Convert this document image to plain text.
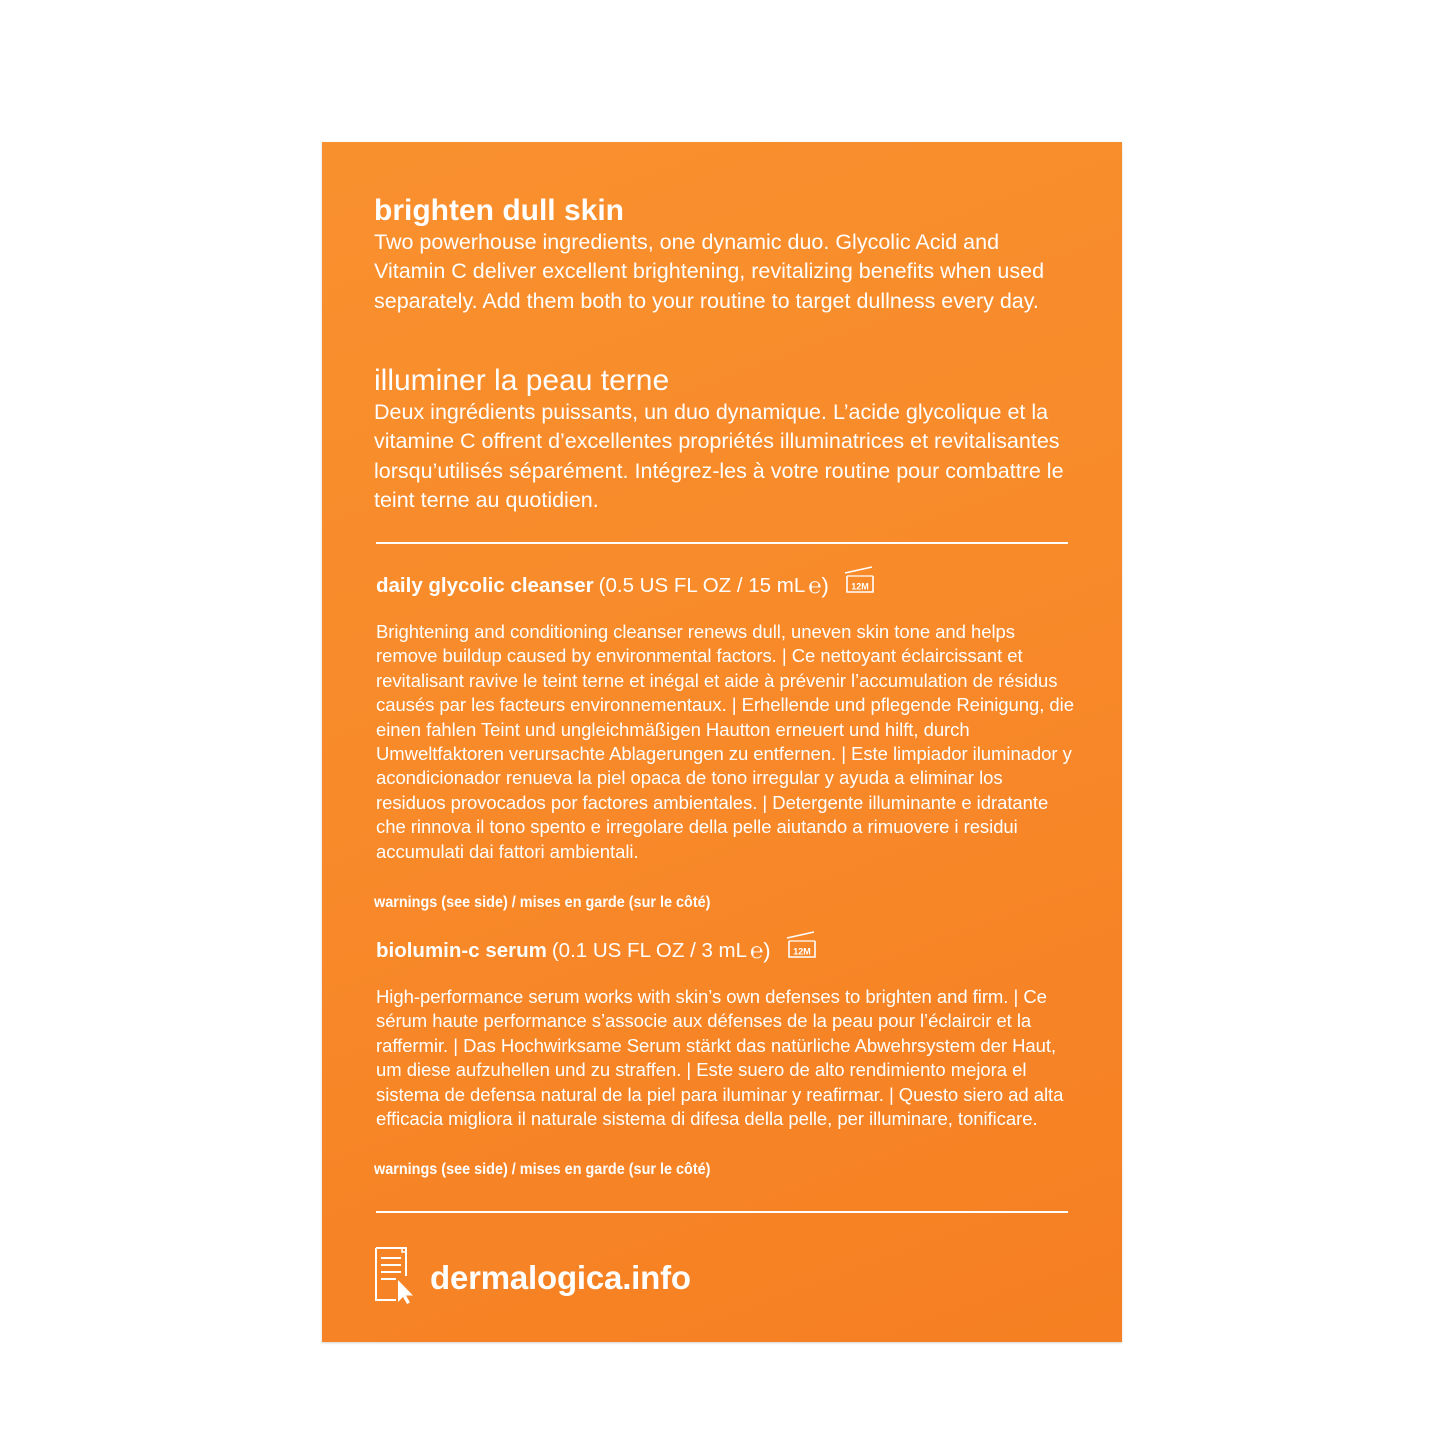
brighten dull skin

Two powerhouse ingredients, one dynamic duo. Glycolic Acid and Vitamin C deliver excellent brightening, revitalizing benefits when used separately. Add them both to your routine to target dullness every day.

illuminer la peau terne

Deux ingrédients puissants, un duo dynamique. L’acide glycolique et la vitamine C offrent d’excellentes propriétés illuminatrices et revitalisantes lorsqu’utilisés séparément. Intégrez-les à votre routine pour combattre le teint terne au quotidien.

daily glycolic cleanser (0.5 US FL OZ / 15 mL ℮) 12M

Brightening and conditioning cleanser renews dull, uneven skin tone and helps remove buildup caused by environmental factors. | Ce nettoyant éclaircissant et revitalisant ravive le teint terne et inégal et aide à prévenir l’accumulation de résidus causés par les facteurs environnementaux. | Erhellende und pflegende Reinigung, die einen fahlen Teint und ungleichmäßigen Hautton erneuert und hilft, durch Umweltfaktoren verursachte Ablagerungen zu entfernen. | Este limpiador iluminador y acondicionador renueva la piel opaca de tono irregular y ayuda a eliminar los residuos provocados por factores ambientales. | Detergente illuminante e idratante che rinnova il tono spento e irregolare della pelle aiutando a rimuovere i residui accumulati dai fattori ambientali.

warnings (see side) / mises en garde (sur le côté)
biolumin-c serum (0.1 US FL OZ / 3 mL ℮) 12M

High-performance serum works with skin’s own defenses to brighten and firm. | Ce sérum haute performance s’associe aux défenses de la peau pour l’éclaircir et la raffermir. | Das Hochwirksame Serum stärkt das natürliche Abwehrsystem der Haut, um diese aufzuhellen und zu straffen. | Este suero de alto rendimiento mejora el sistema de defensa natural de la piel para iluminar y reafirmar. | Questo siero ad alta efficacia migliora il naturale sistema di difesa della pelle, per illuminare, tonificare.

warnings (see side) / mises en garde (sur le côté)
dermalogica.info
